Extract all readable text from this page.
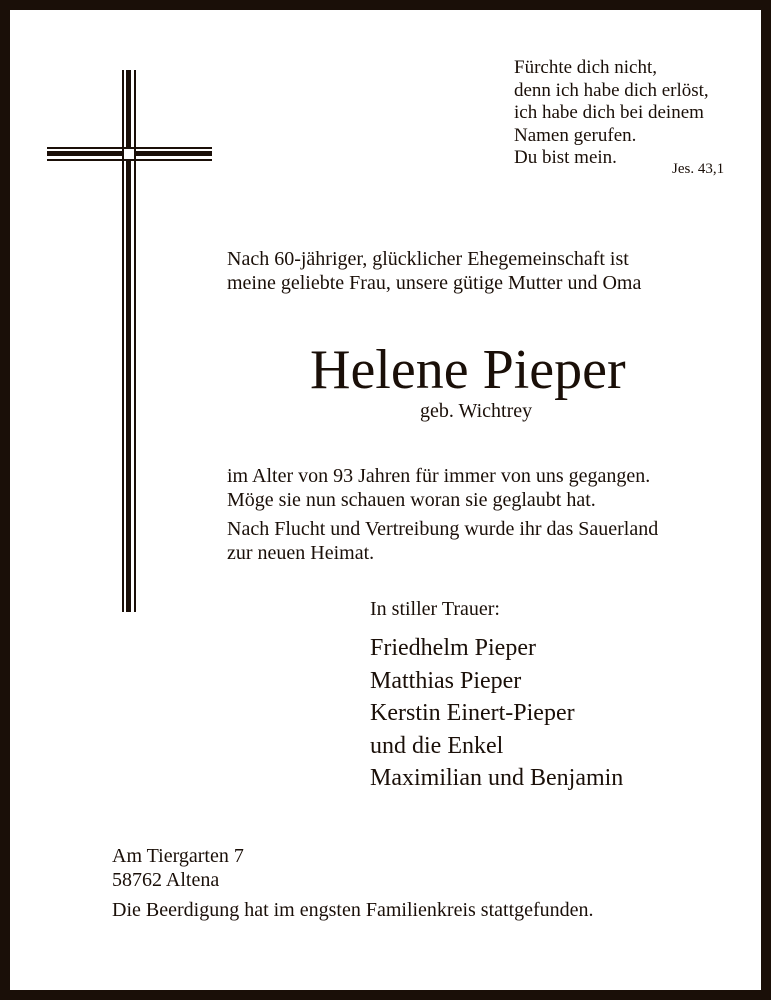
Fürchte dich nicht,
denn ich habe dich erlöst,
ich habe dich bei deinem
Namen gerufen.
Du bist mein.
Jes. 43,1
Nach 60-jähriger, glücklicher Ehegemeinschaft ist
meine geliebte Frau, unsere gütige Mutter und Oma
Helene Pieper
geb. Wichtrey
im Alter von 93 Jahren für immer von uns gegangen.
Möge sie nun schauen woran sie geglaubt hat.
Nach Flucht und Vertreibung wurde ihr das Sauerland
zur neuen Heimat.
In stiller Trauer:
Friedhelm Pieper
Matthias Pieper
Kerstin Einert-Pieper
und die Enkel
Maximilian und Benjamin
Am Tiergarten 7
58762 Altena
Die Beerdigung hat im engsten Familienkreis stattgefunden.
